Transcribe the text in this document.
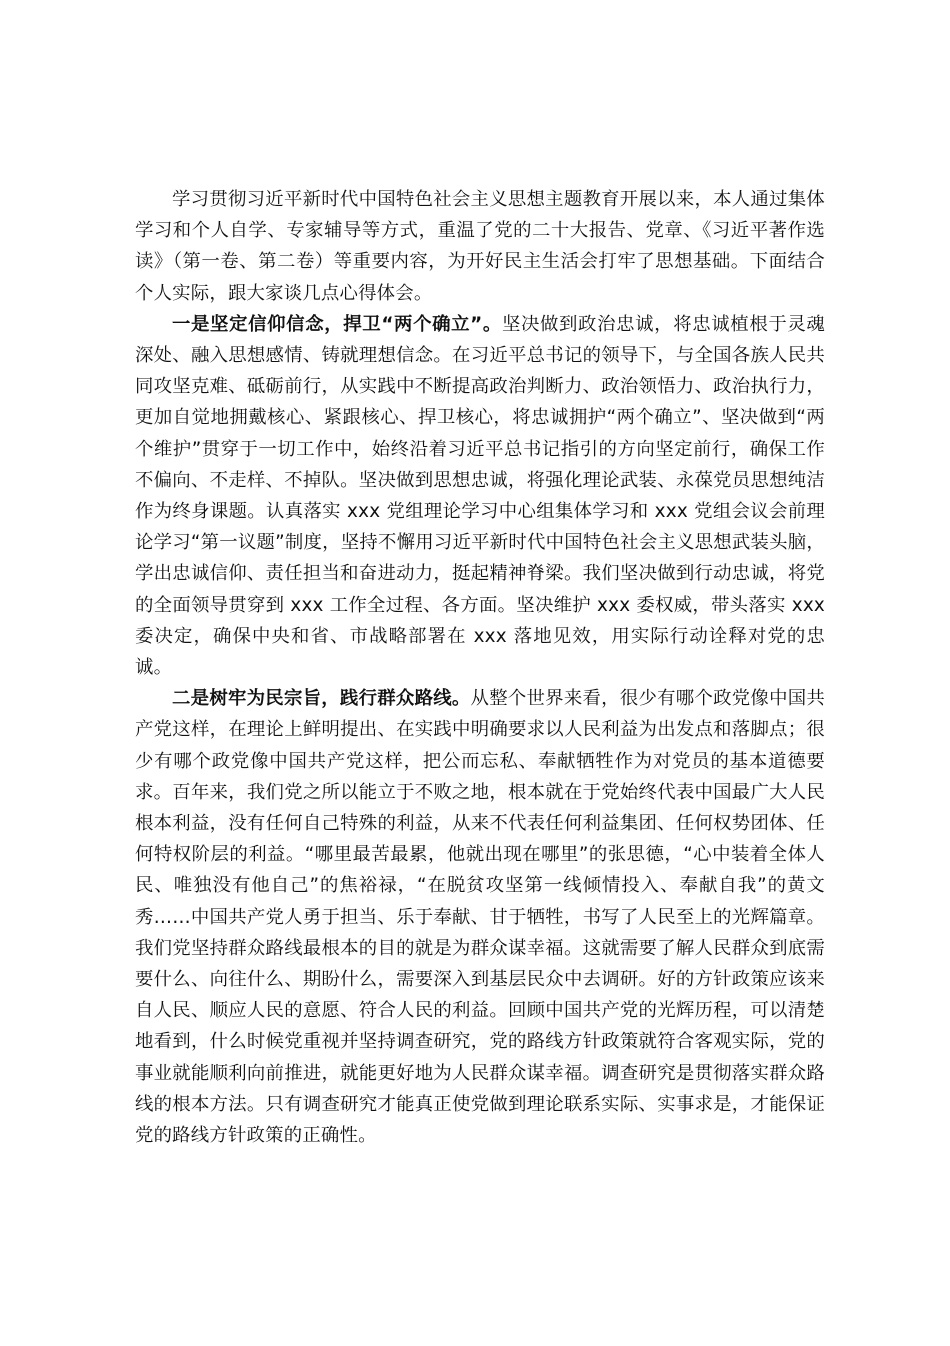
学习贯彻习近平新时代中国特色社会主义思想主题教育开展以来，本人通过集体学习和个人自学、专家辅导等方式，重温了党的二十大报告、党章、《习近平著作选读》（第一卷、第二卷）等重要内容，为开好民主生活会打牢了思想基础。下面结合个人实际，跟大家谈几点心得体会。

一是坚定信仰信念，捍卫“两个确立”。坚决做到政治忠诚，将忠诚植根于灵魂深处、融入思想感情、铸就理想信念。在习近平总书记的领导下，与全国各族人民共同攻坚克难、砥砺前行，从实践中不断提高政治判断力、政治领悟力、政治执行力，更加自觉地拥戴核心、紧跟核心、捍卫核心，将忠诚拥护“两个确立”、坚决做到“两个维护”贯穿于一切工作中，始终沿着习近平总书记指引的方向坚定前行，确保工作不偏向、不走样、不掉队。坚决做到思想忠诚，将强化理论武装、永葆党员思想纯洁作为终身课题。认真落实 xxx 党组理论学习中心组集体学习和 xxx 党组会议会前理论学习“第一议题”制度，坚持不懈用习近平新时代中国特色社会主义思想武装头脑，学出忠诚信仰、责任担当和奋进动力，挺起精神脊梁。我们坚决做到行动忠诚，将党的全面领导贯穿到 xxx 工作全过程、各方面。坚决维护 xxx 委权威，带头落实 xxx 委决定，确保中央和省、市战略部署在 xxx 落地见效，用实际行动诠释对党的忠诚。

二是树牢为民宗旨，践行群众路线。从整个世界来看，很少有哪个政党像中国共产党这样，在理论上鲜明提出、在实践中明确要求以人民利益为出发点和落脚点；很少有哪个政党像中国共产党这样，把公而忘私、奉献牺牲作为对党员的基本道德要求。百年来，我们党之所以能立于不败之地，根本就在于党始终代表中国最广大人民根本利益，没有任何自己特殊的利益，从来不代表任何利益集团、任何权势团体、任何特权阶层的利益。“哪里最苦最累，他就出现在哪里”的张思德，“心中装着全体人民、唯独没有他自己”的焦裕禄，“在脱贫攻坚第一线倾情投入、奉献自我”的黄文秀……中国共产党人勇于担当、乐于奉献、甘于牺牲，书写了人民至上的光辉篇章。我们党坚持群众路线最根本的目的就是为群众谋幸福。这就需要了解人民群众到底需要什么、向往什么、期盼什么，需要深入到基层民众中去调研。好的方针政策应该来自人民、顺应人民的意愿、符合人民的利益。回顾中国共产党的光辉历程，可以清楚地看到，什么时候党重视并坚持调查研究，党的路线方针政策就符合客观实际，党的事业就能顺利向前推进，就能更好地为人民群众谋幸福。调查研究是贯彻落实群众路线的根本方法。只有调查研究才能真正使党做到理论联系实际、实事求是，才能保证党的路线方针政策的正确性。
